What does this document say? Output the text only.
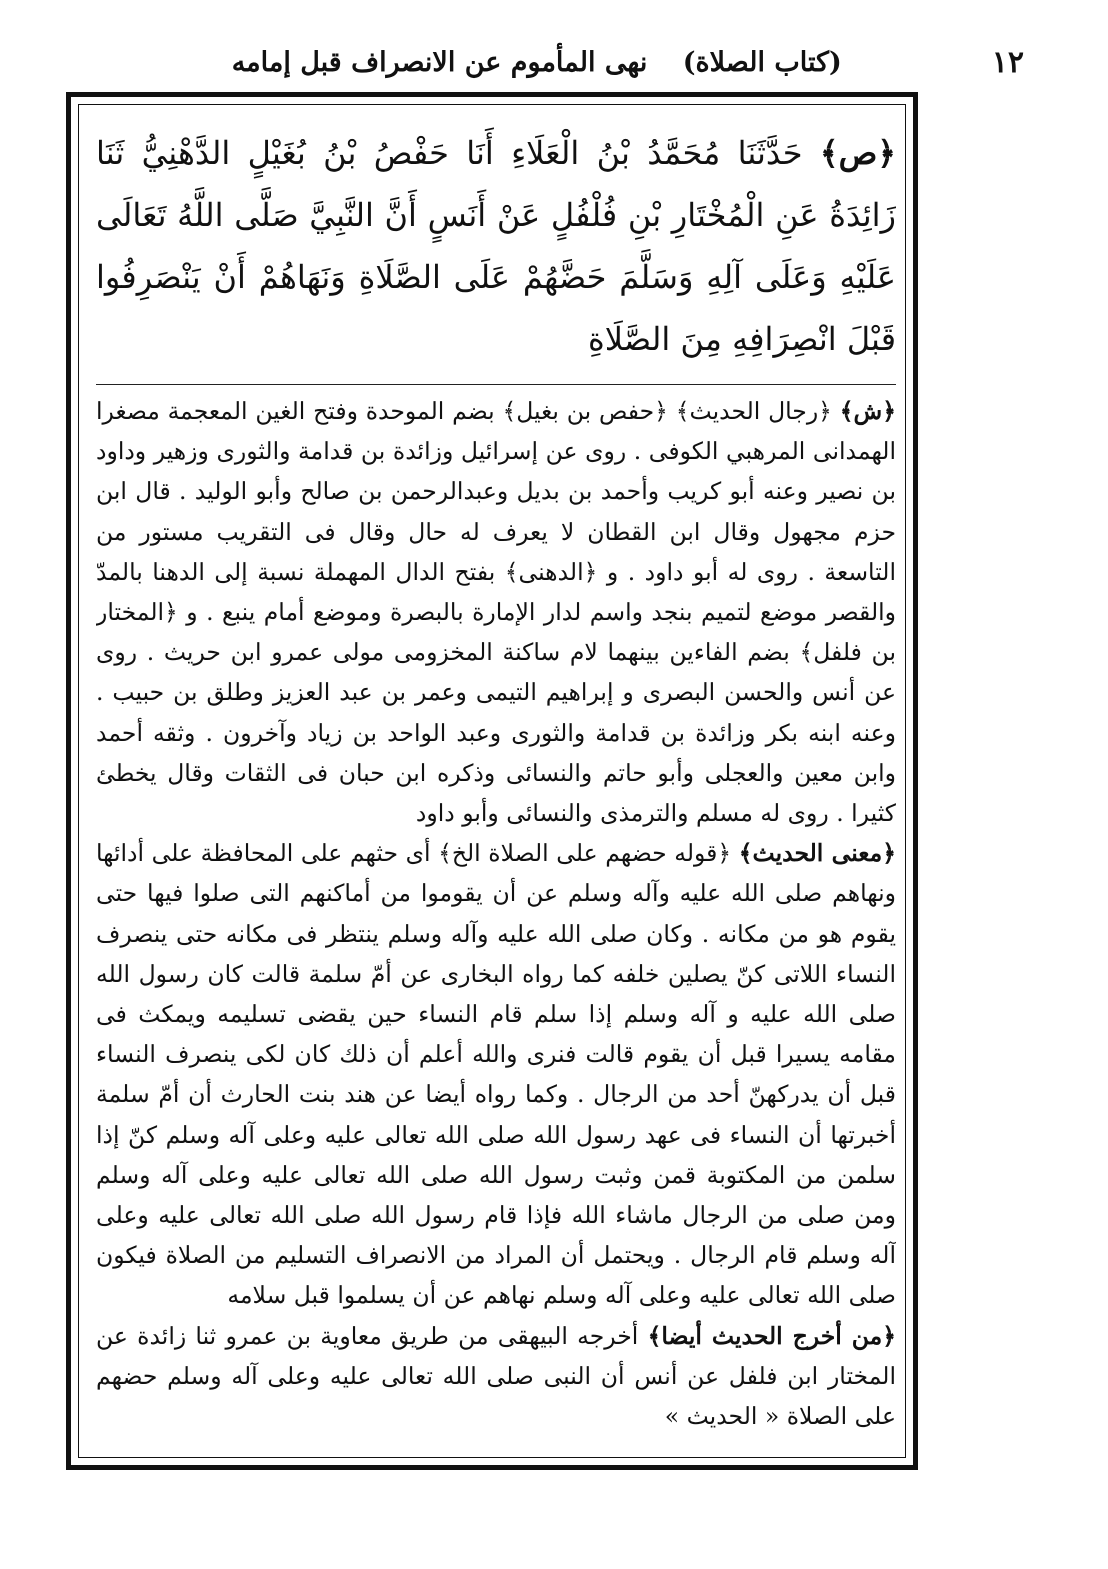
١٢
(كتاب الصلاة) نهى المأموم عن الانصراف قبل إمامه
﴿ص﴾ حَدَّثَنَا مُحَمَّدُ بْنُ الْعَلَاءِ أَنَا حَفْصُ بْنُ بُغَيْلٍ الدَّهْنِيُّ ثَنَا زَائِدَةُ عَنِ الْمُخْتَارِ بْنِ فُلْفُلٍ عَنْ أَنَسٍ أَنَّ النَّبِيَّ صَلَّى اللَّهُ تَعَالَى عَلَيْهِ وَعَلَى آلِهِ وَسَلَّمَ حَضَّهُمْ عَلَى الصَّلَاةِ وَنَهَاهُمْ أَنْ يَنْصَرِفُوا قَبْلَ انْصِرَافِهِ مِنَ الصَّلَاةِ

﴿ش﴾ ﴿رجال الحديث﴾ ﴿حفص بن بغيل﴾ بضم الموحدة وفتح الغين المعجمة مصغرا الهمدانى المرهبي الكوفى . روى عن إسرائيل وزائدة بن قدامة والثورى وزهير وداود بن نصير وعنه أبو كريب وأحمد بن بديل وعبدالرحمن بن صالح وأبو الوليد . قال ابن حزم مجهول وقال ابن القطان لا يعرف له حال وقال فى التقريب مستور من التاسعة . روى له أبو داود . و ﴿الدهنى﴾ بفتح الدال المهملة نسبة إلى الدهنا بالمدّ والقصر موضع لتميم بنجد واسم لدار الإمارة بالبصرة وموضع أمام ينبع . و ﴿المختار بن فلفل﴾ بضم الفاءين بينهما لام ساكنة المخزومى مولى عمرو ابن حريث . روى عن أنس والحسن البصرى و إبراهيم التيمى وعمر بن عبد العزيز وطلق بن حبيب . وعنه ابنه بكر وزائدة بن قدامة والثورى وعبد الواحد بن زياد وآخرون . وثقه أحمد وابن معين والعجلى وأبو حاتم والنسائى وذكره ابن حبان فى الثقات وقال يخطئ كثيرا . روى له مسلم والترمذى والنسائى وأبو داود

﴿معنى الحديث﴾ ﴿قوله حضهم على الصلاة الخ﴾ أى حثهم على المحافظة على أدائها ونهاهم صلى الله عليه وآله وسلم عن أن يقوموا من أماكنهم التى صلوا فيها حتى يقوم هو من مكانه . وكان صلى الله عليه وآله وسلم ينتظر فى مكانه حتى ينصرف النساء اللاتى كنّ يصلين خلفه كما رواه البخارى عن أمّ سلمة قالت كان رسول الله صلى الله عليه و آله وسلم إذا سلم قام النساء حين يقضى تسليمه ويمكث فى مقامه يسيرا قبل أن يقوم قالت فنرى والله أعلم أن ذلك كان لكى ينصرف النساء قبل أن يدركهنّ أحد من الرجال . وكما رواه أيضا عن هند بنت الحارث أن أمّ سلمة أخبرتها أن النساء فى عهد رسول الله صلى الله تعالى عليه وعلى آله وسلم كنّ إذا سلمن من المكتوبة قمن وثبت رسول الله صلى الله تعالى عليه وعلى آله وسلم ومن صلى من الرجال ماشاء الله فإذا قام رسول الله صلى الله تعالى عليه وعلى آله وسلم قام الرجال . ويحتمل أن المراد من الانصراف التسليم من الصلاة فيكون صلى الله تعالى عليه وعلى آله وسلم نهاهم عن أن يسلموا قبل سلامه

﴿من أخرج الحديث أيضا﴾ أخرجه البيهقى من طريق معاوية بن عمرو ثنا زائدة عن المختار ابن فلفل عن أنس أن النبى صلى الله تعالى عليه وعلى آله وسلم حضهم على الصلاة « الحديث »
